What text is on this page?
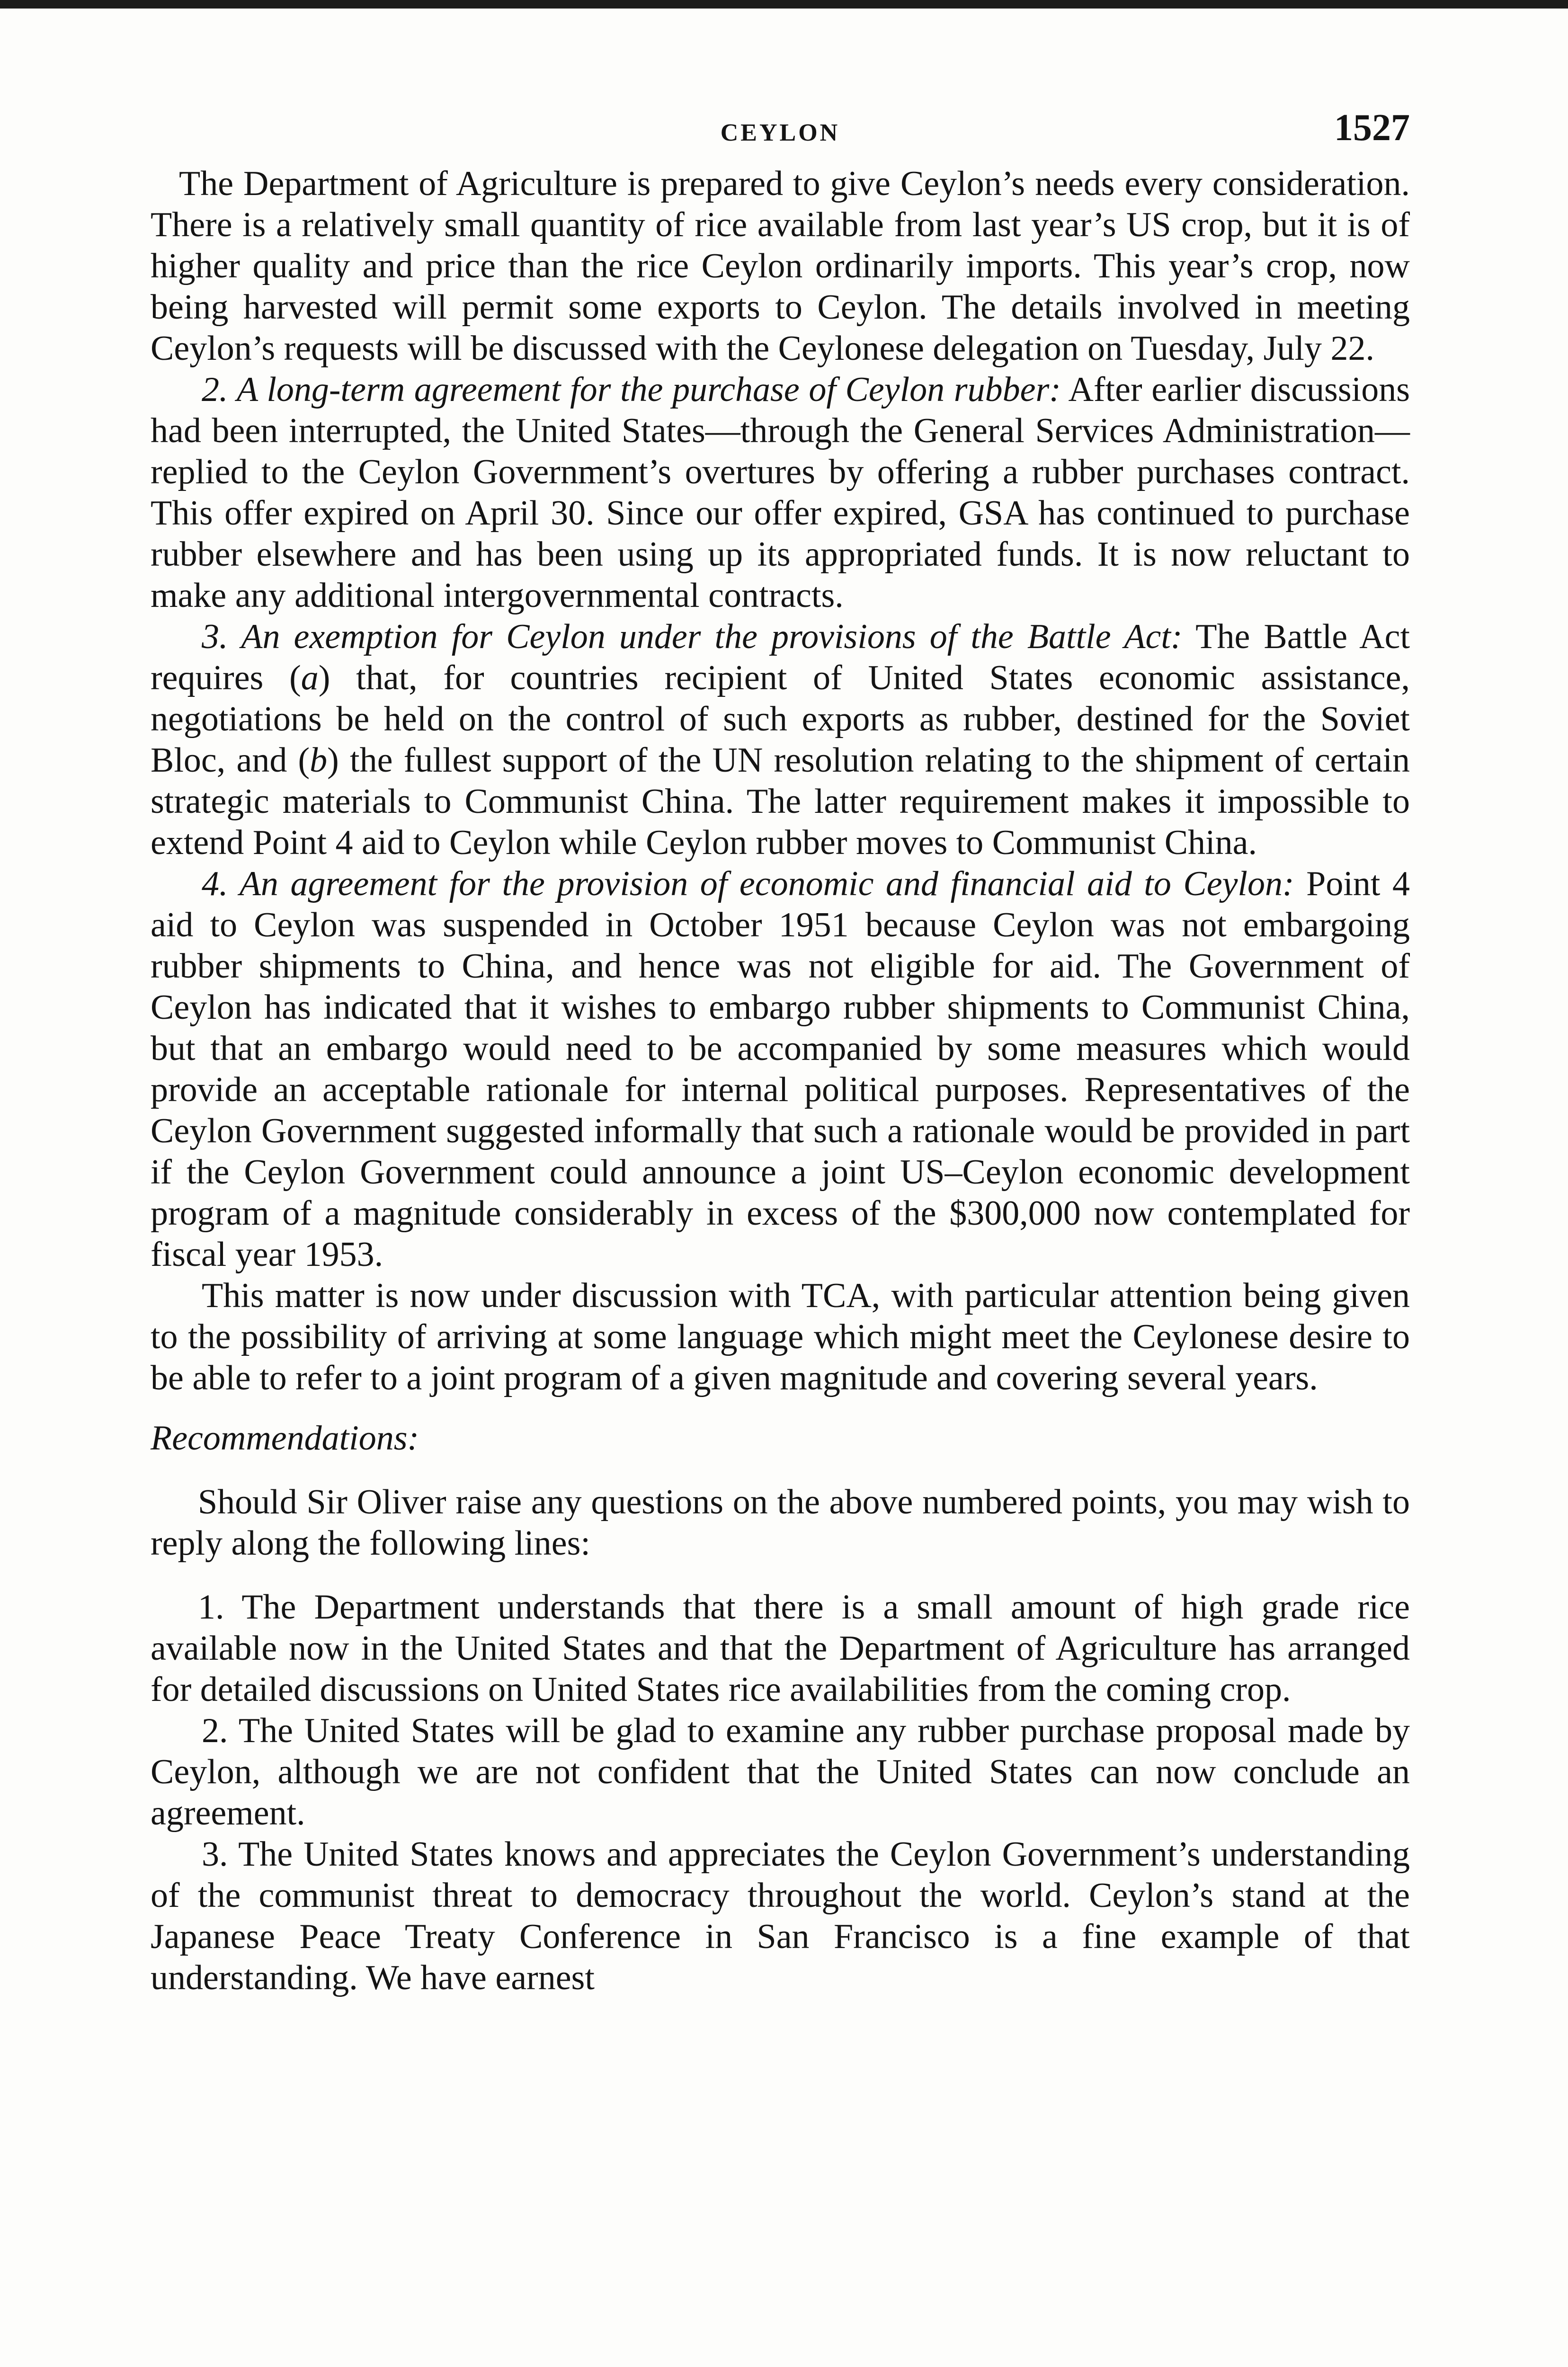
CEYLON	1527

The Department of Agriculture is prepared to give Ceylon’s needs every consideration. There is a relatively small quantity of rice available from last year’s US crop, but it is of higher quality and price than the rice Ceylon ordinarily imports. This year’s crop, now being harvested will permit some exports to Ceylon. The details involved in meeting Ceylon’s requests will be discussed with the Ceylonese delegation on Tuesday, July 22.

2. A long-term agreement for the purchase of Ceylon rubber: After earlier discussions had been interrupted, the United States—through the General Services Administration—replied to the Ceylon Government’s overtures by offering a rubber purchases contract. This offer expired on April 30. Since our offer expired, GSA has continued to purchase rubber elsewhere and has been using up its appropriated funds. It is now reluctant to make any additional intergovernmental contracts.

3. An exemption for Ceylon under the provisions of the Battle Act: The Battle Act requires (a) that, for countries recipient of United States economic assistance, negotiations be held on the control of such exports as rubber, destined for the Soviet Bloc, and (b) the fullest support of the UN resolution relating to the shipment of certain strategic materials to Communist China. The latter requirement makes it impossible to extend Point 4 aid to Ceylon while Ceylon rubber moves to Communist China.

4. An agreement for the provision of economic and financial aid to Ceylon: Point 4 aid to Ceylon was suspended in October 1951 because Ceylon was not embargoing rubber shipments to China, and hence was not eligible for aid. The Government of Ceylon has indicated that it wishes to embargo rubber shipments to Communist China, but that an embargo would need to be accompanied by some measures which would provide an acceptable rationale for internal political purposes. Representatives of the Ceylon Government suggested informally that such a rationale would be provided in part if the Ceylon Government could announce a joint US–Ceylon economic development program of a magnitude considerably in excess of the $300,000 now contemplated for fiscal year 1953.

This matter is now under discussion with TCA, with particular attention being given to the possibility of arriving at some language which might meet the Ceylonese desire to be able to refer to a joint program of a given magnitude and covering several years.

Recommendations:

Should Sir Oliver raise any questions on the above numbered points, you may wish to reply along the following lines:

1. The Department understands that there is a small amount of high grade rice available now in the United States and that the Department of Agriculture has arranged for detailed discussions on United States rice availabilities from the coming crop.

2. The United States will be glad to examine any rubber purchase proposal made by Ceylon, although we are not confident that the United States can now conclude an agreement.

3. The United States knows and appreciates the Ceylon Government’s understanding of the communist threat to democracy throughout the world. Ceylon’s stand at the Japanese Peace Treaty Conference in San Francisco is a fine example of that understanding. We have earnest
